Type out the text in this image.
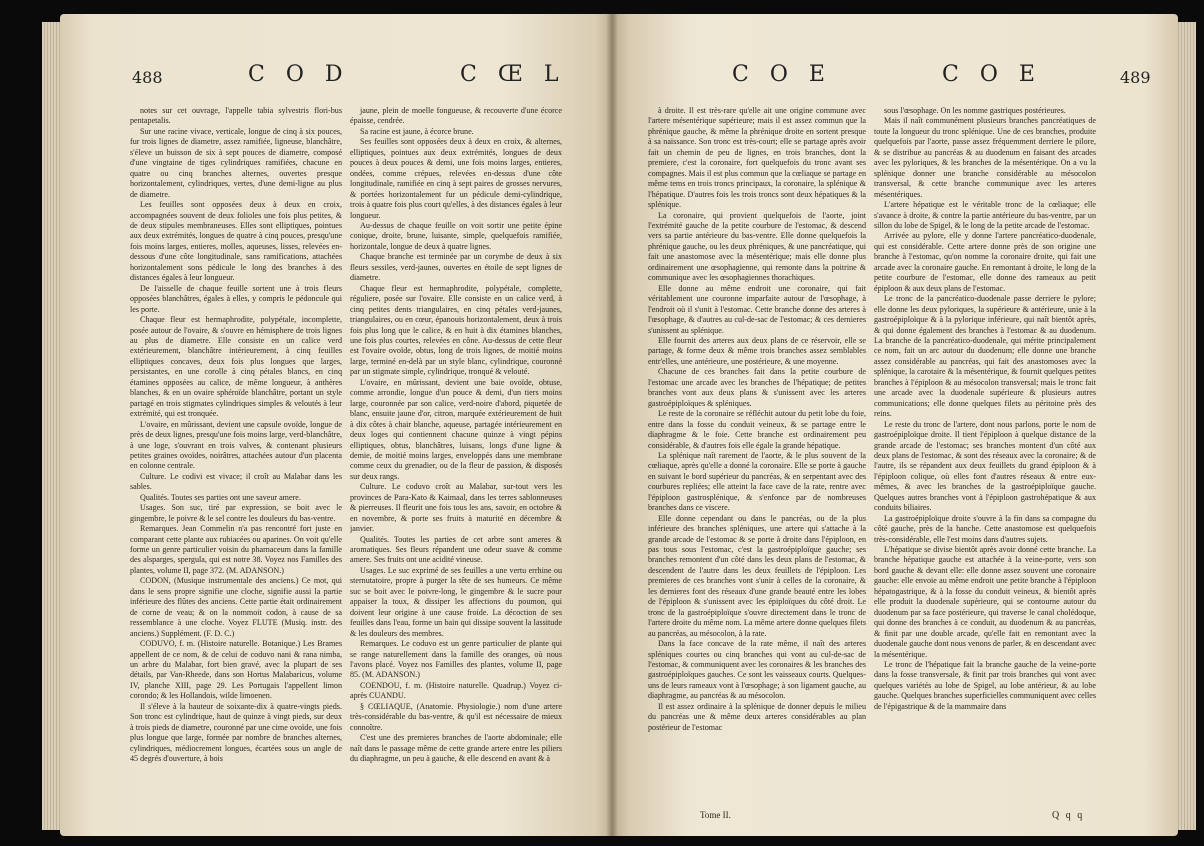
488	C O D	C Œ L

notes sur cet ouvrage, l'appelle tabia sylvestris flori-bus pentapetalis.

Sur une racine vivace, verticale, longue de cinq à six pouces, fur trois lignes de diametre, assez ramifiée, ligneuse, blanchâtre, s'éleve un buisson de six à sept pouces de diametre, composé d'une vingtaine de tiges cylindriques ramifiées, chacune en quatre ou cinq branches alternes, ouvertes presque horizontalement, cylindriques, vertes, d'une demi-ligne au plus de diametre.

Les feuilles sont opposées deux à deux en croix, accompagnées souvent de deux folioles une fois plus petites, & de deux stipules membraneuses. Elles sont elliptiques, pointues aux deux extrémités, longues de quatre à cinq pouces, presqu'une fois moins larges, entieres, molles, aqueuses, lisses, relevées en-dessous d'une côte longitudinale, sans ramifications, attachées horizontalement sons pédicule le long des branches à des distances égales à leur longueur.

De l'aisselle de chaque feuille sortent une à trois fleurs opposées blanchâtres, égales à elles, y compris le pédoncule qui les porte.

Chaque fleur est hermaphrodite, polypétale, incomplette, posée autour de l'ovaire, & s'ouvre en hémisphere de trois lignes au plus de diametre. Elle consiste en un calice verd extérieurement, blanchâtre intérieurement, à cinq feuilles elliptiques concaves, deux fois plus longues que larges, persistantes, en une corolle à cinq pétales blancs, en cinq étamines opposées au calice, de même longueur, à anthères blanches, & en un ovaire sphéroïde blanchâtre, portant un style partagé en trois stigmates cylindriques simples & veloutés à leur extrémité, qui est tronquée.

L'ovaire, en mûrissant, devient une capsule ovoïde, longue de près de deux lignes, presqu'une fois moins large, verd-blanchâtre, à une loge, s'ouvrant en trois valves, & contenant plusieurs petites graines ovoïdes, noirâtres, attachées autour d'un placenta en colonne centrale.

Culture. Le codivi est vivace; il croît au Malabar dans les sables.

Qualités. Toutes ses parties ont une saveur amere.

Usages. Son suc, tiré par expression, se boit avec le gingembre, le poivre & le sel contre les douleurs du bas-ventre.

Remarques. Jean Commelin n'a pas rencontré fort juste en comparant cette plante aux rubiacées ou aparines. On voit qu'elle forme un genre particulier voisin du pharnaceum dans la famille des alsparges, spergula, qui est notre 38. Voyez nos Familles des plantes, volume II, page 372. (M. ADANSON.)

CODON, (Musique instrumentale des anciens.) Ce mot, qui dans le sens propre signifie une cloche, signifie aussi la partie inférieure des flûtes des anciens. Cette partie était ordinairement de corne de veau; & on la nommoit codon, à cause de sa ressemblance à une cloche. Voyez FLUTE (Musiq. instr. des anciens.) Supplément. (F. D. C.)

CODUVO, f. m. (Histoire naturelle. Botanique.) Les Brames appellent de ce nom, & de celui de coduvo nani & rana nimba, un arbre du Malabar, fort bien gravé, avec la plupart de ses détails, par Van-Rheede, dans son Hortus Malabaricus, volume IV, planche XIII, page 29. Les Portugais l'appellent limon corondo; & les Hollandois, wilde limoenen.

Il s'éleve à la hauteur de soixante-dix à quatre-vingts pieds. Son tronc est cylindrique, haut de quinze à vingt pieds, sur deux à trois pieds de diametre, couronné par une cime ovoïde, une fois plus longue que large, formée par nombre de branches alternes, cylindriques, médiocrement longues, écartées sous un angle de 45 degrés d'ouverture, à bois

jaune, plein de moelle fongueuse, & recouverte d'une écorce épaisse, cendrée.

Sa racine est jaune, à écorce brune.

Ses feuilles sont opposées deux à deux en croix, & alternes, elliptiques, pointues aux deux extrémités, longues de deux pouces à deux pouces & demi, une fois moins larges, entieres, ondées, comme crépues, relevées en-dessus d'une côte longitudinale, ramifiée en cinq à sept paires de grosses nervures, & portées horizontalement fur un pédicule demi-cylindrique, trois à quatre fois plus court qu'elles, à des distances égales à leur longueur.

Au-dessus de chaque feuille on voit sortir une petite épine conique, droite, brune, luisante, simple, quelquefois ramifiée, horizontale, longue de deux à quatre lignes.

Chaque branche est terminée par un corymbe de deux à six fleurs sessiles, verd-jaunes, ouvertes en étoile de sept lignes de diametre.

Chaque fleur est hermaphrodite, polypétale, complette, réguliere, posée sur l'ovaire. Elle consiste en un calice verd, à cinq petites dents triangulaires, en cinq pétales verd-jaunes, triangulaires, ou en cœur, épanouis horizontalement, deux à trois fois plus long que le calice, & en huit à dix étamines blanches, une fois plus courtes, relevées en cône. Au-dessus de cette fleur est l'ovaire ovoïde, obtus, long de trois lignes, de moitié moins large, terminé en-delà par un style blanc, cylindrique, couronné par un stigmate simple, cylindrique, tronqué & velouté.

L'ovaire, en mûrissant, devient une baie ovoïde, obtuse, comme arrondie, longue d'un pouce & demi, d'un tiers moins large, couronnée par son calice, verd-noire d'abord, piquetée de blanc, ensuite jaune d'or, citron, marquée extérieurement de huit à dix côtes à chair blanche, aqueuse, partagée intérieurement en deux loges qui contiennent chacune quinze à vingt pépins elliptiques, obtus, blanchâtres, luisans, longs d'une ligne & demie, de moitié moins larges, enveloppés dans une membrane comme ceux du grenadier, ou de la fleur de passion, & disposés sur deux rangs.

Culture. Le coduvo croît au Malabar, sur-tout vers les provinces de Para-Kato & Kaimaal, dans les terres sablonneuses & pierreuses. Il fleurit une fois tous les ans, savoir, en octobre & en novembre, & porte ses fruits à maturité en décembre & janvier.

Qualités. Toutes les parties de cet arbre sont ameres & aromatiques. Ses fleurs répandent une odeur suave & comme amere. Ses fruits ont une acidité vineuse.

Usages. Le suc exprimé de ses feuilles a une vertu errhine ou sternutatoire, propre à purger la tête de ses humeurs. Ce même suc se boit avec le poivre-long, le gingembre & le sucre pour appaiser la toux, & dissiper les affections du poumon, qui doivent leur origine à une cause froide. La décoction de ses feuilles dans l'eau, forme un bain qui dissipe souvent la lassitude & les douleurs des membres.

Remarques. Le coduvo est un genre particulier de plante qui se range naturellement dans la famille des oranges, où nous l'avons placé. Voyez nos Familles des plantes, volume II, page 85. (M. ADANSON.)

COENDOU, f. m. (Histoire naturelle. Quadrup.) Voyez ci-après CUANDU.

§ CŒLIAQUE, (Anatomie. Physiologie.) nom d'une artere très-considérable du bas-ventre, & qu'il est nécessaire de mieux connoître.

C'est une des premieres branches de l'aorte abdominale; elle naît dans le passage même de cette grande artere entre les piliers du diaphragme, un peu à gauche, & elle descend en avant & à

C O E	C O E	489

à droite. Il est très-rare qu'elle ait une origine commune avec l'artere mésentérique supérieure; mais il est assez commun que la phrénique gauche, & même la phrénique droite en sortent presque à sa naissance. Son tronc est très-court; elle se partage après avoir fait un chemin de peu de lignes, en trois branches, dont la premiere, c'est la coronaire, fort quelquefois du tronc avant ses compagnes. Mais il est plus commun que la cœliaque se partage en même tems en trois troncs principaux, la coronaire, la splénique & l'hépatique. D'autres fois les trois troncs sont deux hépatiques & la splénique.

La coronaire, qui provient quelquefois de l'aorte, joint l'extrémité gauche de la petite courbure de l'estomac, & descend vers sa partie antérieure du bas-ventre. Elle donne quelquefois la phrénique gauche, ou les deux phréniques, & une pancréatique, qui fait une anastomose avec la mésentérique; mais elle donne plus ordinairement une œsophagienne, qui remonte dans la poitrine & communique avec les œsophagiennes thorachiques.

Elle donne au même endroit une coronaire, qui fait véritablement une couronne imparfaite autour de l'œsophage, à l'endroit où il s'unit à l'estomac. Cette branche donne des arteres à l'œsophage, & d'autres au cul-de-sac de l'estomac; & ces dernieres s'unissent au splénique.

Elle fournit des arteres aux deux plans de ce réservoir, elle se partage, & forme deux & même trois branches assez semblables entr'elles, une antérieure, une postérieure, & une moyenne.

Chacune de ces branches fait dans la petite courbure de l'estomac une arcade avec les branches de l'hépatique; de petites branches vont aux deux plans & s'unissent avec les arteres gastroépiploïques & spléniques.

Le reste de la coronaire se réfléchit autour du petit lobe du foie, entre dans la fosse du conduit veineux, & se partage entre le diaphragme & le foie. Cette branche est ordinairement peu considérable, & d'autres fois elle égale la grande hépatique.

La splénique naît rarement de l'aorte, & le plus souvent de la cœliaque, après qu'elle a donné la coronaire. Elle se porte à gauche en suivant le bord supérieur du pancréas, & en serpentant avec des courbures repliées; elle atteint la face cave de la rate, rentre avec l'épiploon gastrosplénique, & s'enfonce par de nombreuses branches dans ce viscere.

Elle donne cependant ou dans le pancréas, ou de la plus inférieure des branches spléniques, une artere qui s'attache à la grande arcade de l'estomac & se porte à droite dans l'épiploon, en pas tous sous l'estomac, c'est la gastroépiploïque gauche; ses branches remontent d'un côté dans les deux plans de l'estomac, & descendent de l'autre dans les deux feuillets de l'épiploon. Les premieres de ces branches vont s'unir à celles de la coronaire, & les dernieres font des réseaux d'une grande beauté entre les lobes de l'épiploon & s'unissent avec les épiploïques du côté droit. Le tronc de la gastroépiploïque s'ouvre directement dans le tronc de l'artere droite du même nom. La même artere donne quelques filets au pancréas, au mésocolon, à la rate.

Dans la face concave de la rate même, il naît des arteres spléniques courtes ou cinq branches qui vont au cul-de-sac de l'estomac, & communiquent avec les coronaires & les branches des gastroépiploïques gauches. Ce sont les vaisseaux courts. Quelques-uns de leurs rameaux vont à l'œsophage; à son ligament gauche, au diaphragme, au pancréas & au mésocolon.

Il est assez ordinaire à la splénique de donner depuis le milieu du pancréas une & même deux arteres considérables au plan postérieur de l'estomac

sous l'œsophage. On les nomme gastriques postérieures.

Mais il naît communément plusieurs branches pancréatiques de toute la longueur du tronc splénique. Une de ces branches, produite quelquefois par l'aorte, passe assez fréquemment derriere le pilore, & se distribue au pancréas & au duodenum en faisant des arcades avec les pyloriques, & les branches de la mésentérique. On a vu la splénique donner une branche considérable au mésocolon transversal, & cette branche communique avec les arteres mésentériques.

L'artere hépatique est le véritable tronc de la cœliaque; elle s'avance à droite, & contre la partie antérieure du bas-ventre, par un sillon du lobe de Spigel, & le long de la petite arcade de l'estomac.

Arrivée au pylore, elle y donne l'artere pancréatico-duodenale, qui est considérable. Cette artere donne près de son origine une branche à l'estomac, qu'on nomme la coronaire droite, qui fait une arcade avec la coronaire gauche. En remontant à droite, le long de la petite courbure de l'estomac, elle donne des rameaux au petit épiploon & aux deux plans de l'estomac.

Le tronc de la pancréatico-duodenale passe derriere le pylore; elle donne les deux pyloriques, la supérieure & antérieure, unie à la gastroépiploïque & à la pylorique inférieure, qui naît bientôt après, & qui donne également des branches à l'estomac & au duodenum. La branche de la pancréatico-duodenale, qui mérite principalement ce nom, fait un arc autour du duodenum; elle donne une branche assez considérable au pancréas, qui fait des anastomoses avec la splénique, la carotaire & la mésentérique, & fournit quelques petites branches à l'épiploon & au mésocolon transversal; mais le tronc fait une arcade avec la duodenale supérieure & plusieurs autres communications; elle donne quelques filets au péritoine près des reins.

Le reste du tronc de l'artere, dont nous parlons, porte le nom de gastroépiploïque droite. Il tient l'épiploon à quelque distance de la grande arcade de l'estomac; ses branches montent d'un côté aux deux plans de l'estomac, & sont des réseaux avec la coronaire; & de l'autre, ils se répandent aux deux feuillets du grand épiploon & à l'épiploon colique, où elles font d'autres réseaux & entre eux-mêmes, & avec les branches de la gastroépiploïque gauche. Quelques autres branches vont à l'épiploon gastrohépatique & aux conduits biliaires.

La gastroépiploïque droite s'ouvre à la fin dans sa compagne du côté gauche, près de la hanche. Cette anastomose est quelquefois très-considérable, elle l'est moins dans d'autres sujets.

L'hépatique se divise bientôt après avoir donné cette branche. La branche hépatique gauche est attachée à la veine-porte, vers son bord gauche & devant elle: elle donne assez souvent une coronaire gauche: elle envoie au même endroit une petite branche à l'épiploon hépatogastrique, & à la fosse du conduit veineux, & bientôt après elle produit la duodenale supérieure, qui se contourne autour du duodenum par sa face postérieure, qui traverse le canal cholédoque, qui donne des branches à ce conduit, au duodenum & au pancréas, & finit par une double arcade, qu'elle fait en remontant avec la duodenale gauche dont nous venons de parler, & en descendant avec la mésentérique.

Le tronc de l'hépatique fait la branche gauche de la veine-porte dans la fosse transversale, & finit par trois branches qui vont avec quelques variétés au lobe de Spigel, au lobe antérieur, & au lobe gauche. Quelques branches superficielles communiquent avec celles de l'épigastrique & de la mammaire dans

Tome II.	Q q q
